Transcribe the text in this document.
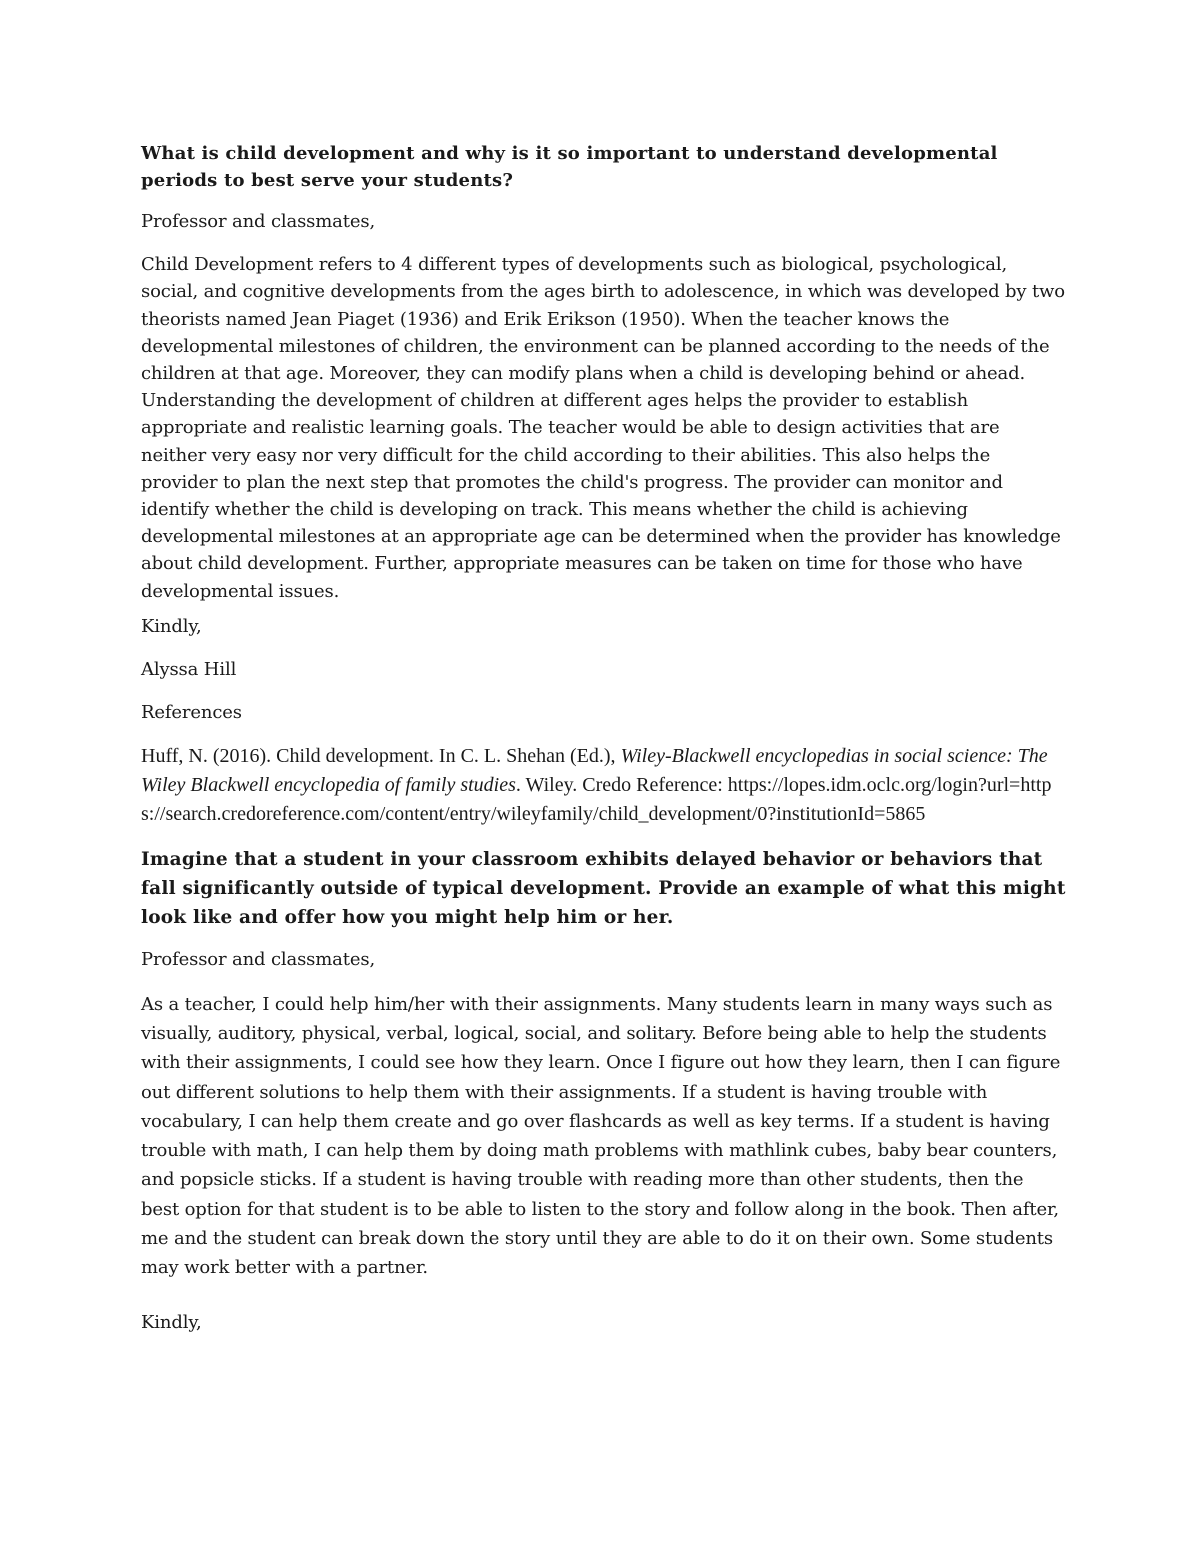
What is child development and why is it so important to understand developmental periods to best serve your students?

Professor and classmates,

Child Development refers to 4 different types of developments such as biological, psychological, social, and cognitive developments from the ages birth to adolescence, in which was developed by two theorists named Jean Piaget (1936) and Erik Erikson (1950). When the teacher knows the developmental milestones of children, the environment can be planned according to the needs of the children at that age. Moreover, they can modify plans when a child is developing behind or ahead. Understanding the development of children at different ages helps the provider to establish appropriate and realistic learning goals. The teacher would be able to design activities that are neither very easy nor very difficult for the child according to their abilities. This also helps the provider to plan the next step that promotes the child's progress. The provider can monitor and identify whether the child is developing on track. This means whether the child is achieving developmental milestones at an appropriate age can be determined when the provider has knowledge about child development. Further, appropriate measures can be taken on time for those who have developmental issues.

Kindly,

Alyssa Hill

References

Huff, N. (2016). Child development. In C. L. Shehan (Ed.), Wiley-Blackwell encyclopedias in social science: The Wiley Blackwell encyclopedia of family studies. Wiley. Credo Reference: https://lopes.idm.oclc.org/login?url=https://search.credoreference.com/content/entry/wileyfamily/child_development/0?institutionId=5865
Imagine that a student in your classroom exhibits delayed behavior or behaviors that fall significantly outside of typical development. Provide an example of what this might look like and offer how you might help him or her.

Professor and classmates,

As a teacher, I could help him/her with their assignments. Many students learn in many ways such as visually, auditory, physical, verbal, logical, social, and solitary. Before being able to help the students with their assignments, I could see how they learn. Once I figure out how they learn, then I can figure out different solutions to help them with their assignments. If a student is having trouble with vocabulary, I can help them create and go over flashcards as well as key terms. If a student is having trouble with math, I can help them by doing math problems with mathlink cubes, baby bear counters, and popsicle sticks. If a student is having trouble with reading more than other students, then the best option for that student is to be able to listen to the story and follow along in the book. Then after, me and the student can break down the story until they are able to do it on their own. Some students may work better with a partner.

Kindly,
